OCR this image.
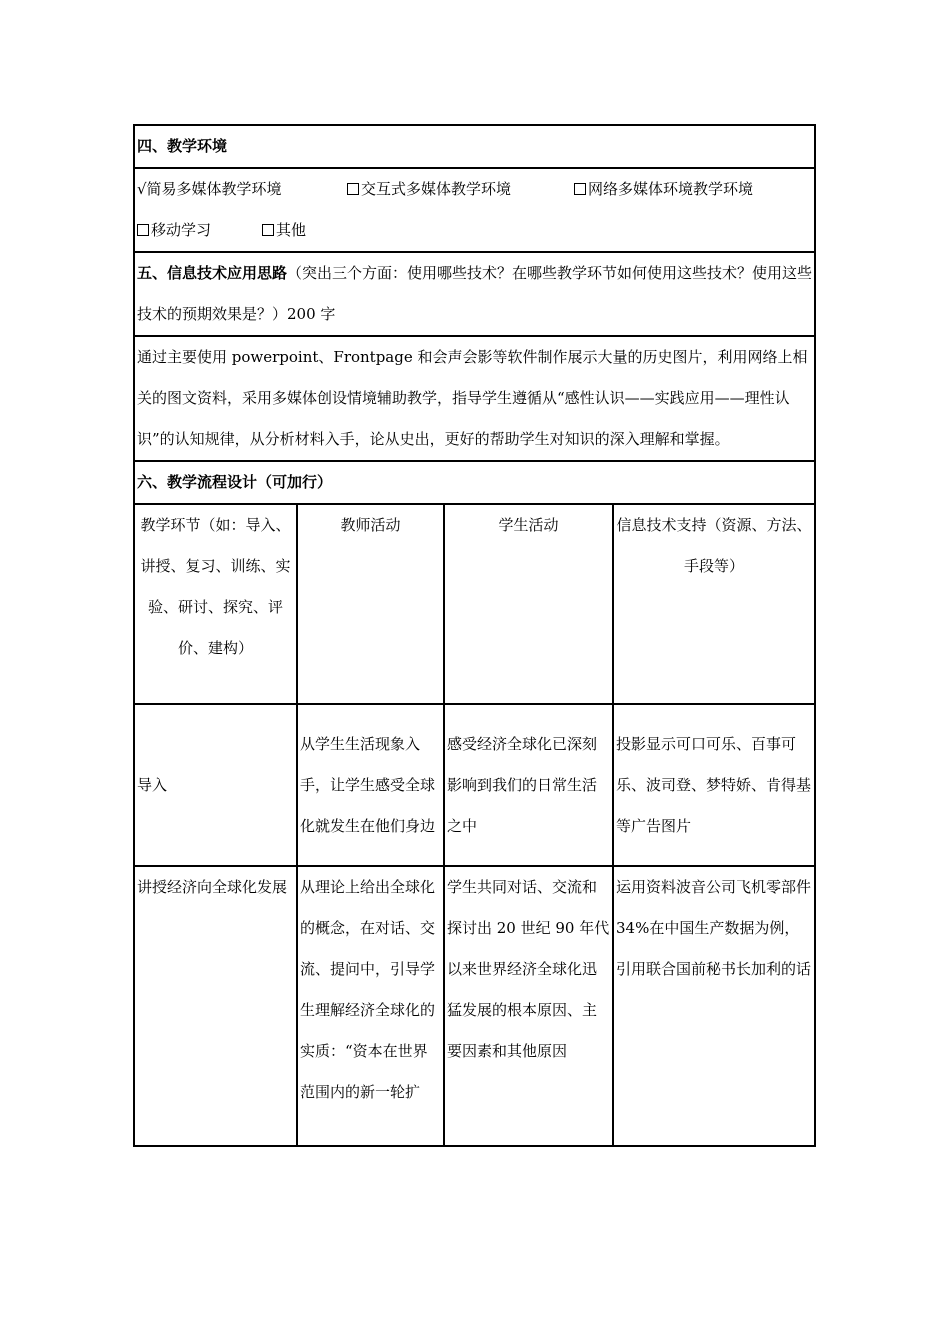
四、教学环境			

√简易多媒体教学环境 交互式多媒体教学环境 网络多媒体环境教学环境
移动学习 其他			

五、信息技术应用思路（突出三个方面：使用哪些技术？在哪些教学环节如何使用这些技术？使用这些技术的预期效果是？）200 字			
通过主要使用 powerpoint、Frontpage 和会声会影等软件制作展示大量的历史图片，利用网络上相关的图文资料，采用多媒体创设情境辅助教学，指导学生遵循从“感性认识——实践应用——理性认识”的认知规律，从分析材料入手，论从史出，更好的帮助学生对知识的深入理解和掌握。			
六、教学流程设计（可加行）			
教学环节（如：导入、讲授、复习、训练、实验、研讨、探究、评价、建构）	教师活动	学生活动	信息技术支持（资源、方法、手段等）
导入	从学生生活现象入手，让学生感受全球化就发生在他们身边	感受经济全球化已深刻影响到我们的日常生活之中	投影显示可口可乐、百事可乐、波司登、梦特娇、肯得基等广告图片
讲授经济向全球化发展	从理论上给出全球化的概念，在对话、交流、提问中，引导学生理解经济全球化的实质：“资本在世界范围内的新一轮扩	学生共同对话、交流和探讨出 20 世纪 90 年代以来世界经济全球化迅猛发展的根本原因、主要因素和其他原因	运用资料波音公司飞机零部件 34%在中国生产数据为例，引用联合国前秘书长加利的话
